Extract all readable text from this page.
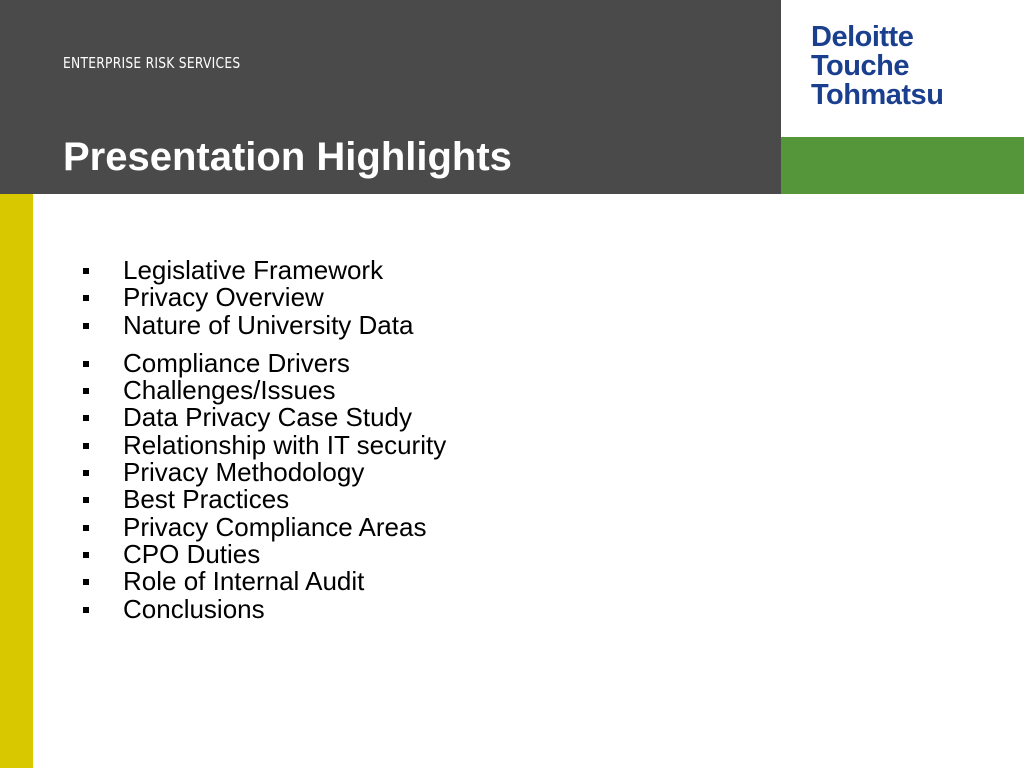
ENTERPRISE RISK SERVICES
Presentation Highlights
Deloitte
Touche
Tohmatsu
Legislative Framework
Privacy Overview
Nature of University Data
Compliance Drivers
Challenges/Issues
Data Privacy Case Study
Relationship with IT security
Privacy Methodology
Best Practices
Privacy Compliance Areas
CPO Duties
Role of Internal Audit
Conclusions
